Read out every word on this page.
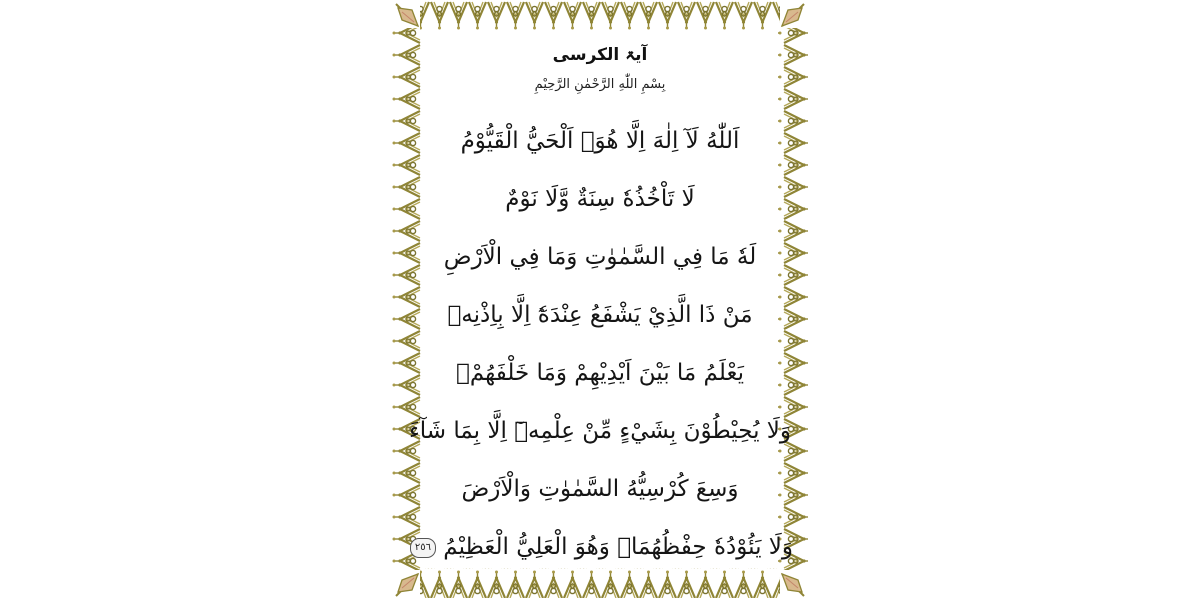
آیۃ الکرسی
بِسْمِ اللّٰهِ الرَّحْمٰنِ الرَّحِيْمِ
اَللّٰهُ لَآ اِلٰهَ اِلَّا هُوَۚ اَلْحَيُّ الْقَيُّوْمُ
لَا تَاْخُذُهٗ سِنَةٌ وَّلَا نَوْمٌ
لَهٗ مَا فِي السَّمٰوٰتِ وَمَا فِي الْاَرْضِ
مَنْ ذَا الَّذِيْ يَشْفَعُ عِنْدَهٗٓ اِلَّا بِاِذْنِهٖ
يَعْلَمُ مَا بَيْنَ اَيْدِيْهِمْ وَمَا خَلْفَهُمْۚ
وَلَا يُحِيْطُوْنَ بِشَيْءٍ مِّنْ عِلْمِهٖٓ اِلَّا بِمَا شَآءَ
وَسِعَ كُرْسِيُّهُ السَّمٰوٰتِ وَالْاَرْضَ
وَلَا يَئُوْدُهٗ حِفْظُهُمَاۚ وَهُوَ الْعَلِيُّ الْعَظِيْمُ ٢٥٦
